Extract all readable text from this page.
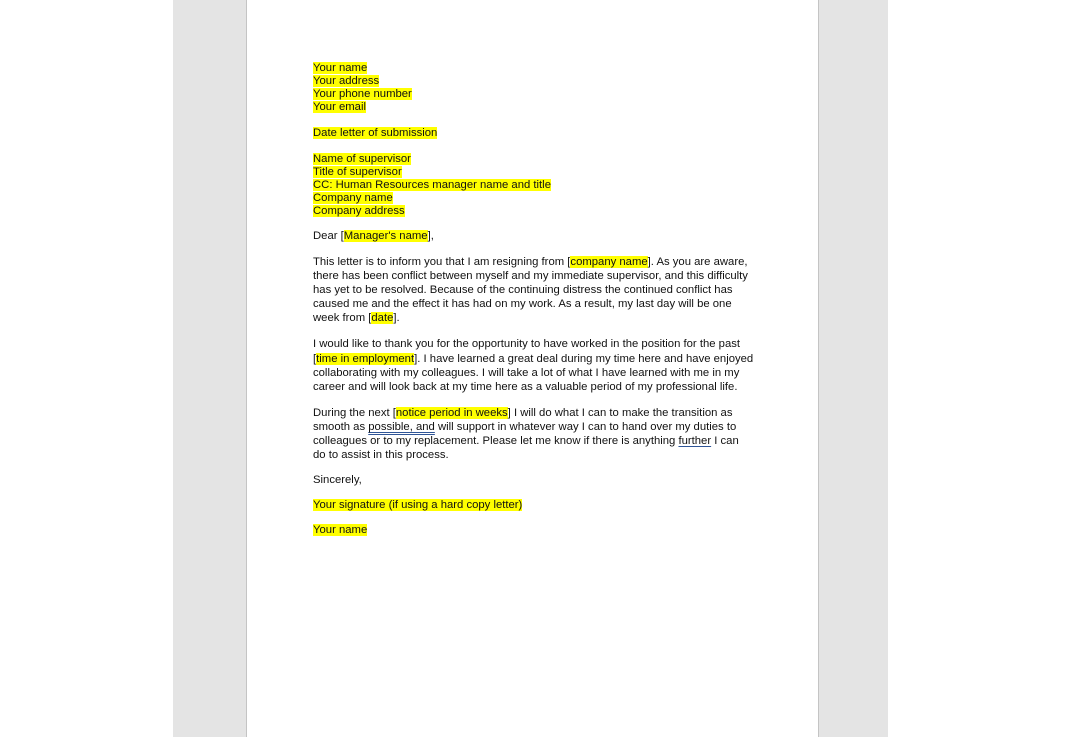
Your name
Your address
Your phone number
Your email
Date letter of submission
Name of supervisor
Title of supervisor
CC: Human Resources manager name and title
Company name
Company address
Dear [Manager's name],
This letter is to inform you that I am resigning from [company name]. As you are aware,
there has been conflict between myself and my immediate supervisor, and this difficulty
has yet to be resolved. Because of the continuing distress the continued conflict has
caused me and the effect it has had on my work. As a result, my last day will be one
week from [date].
I would like to thank you for the opportunity to have worked in the position for the past
[time in employment]. I have learned a great deal during my time here and have enjoyed
collaborating with my colleagues. I will take a lot of what I have learned with me in my
career and will look back at my time here as a valuable period of my professional life.
During the next [notice period in weeks] I will do what I can to make the transition as
smooth as possible, and will support in whatever way I can to hand over my duties to
colleagues or to my replacement. Please let me know if there is anything further I can
do to assist in this process.
Sincerely,
Your signature (if using a hard copy letter)
Your name
